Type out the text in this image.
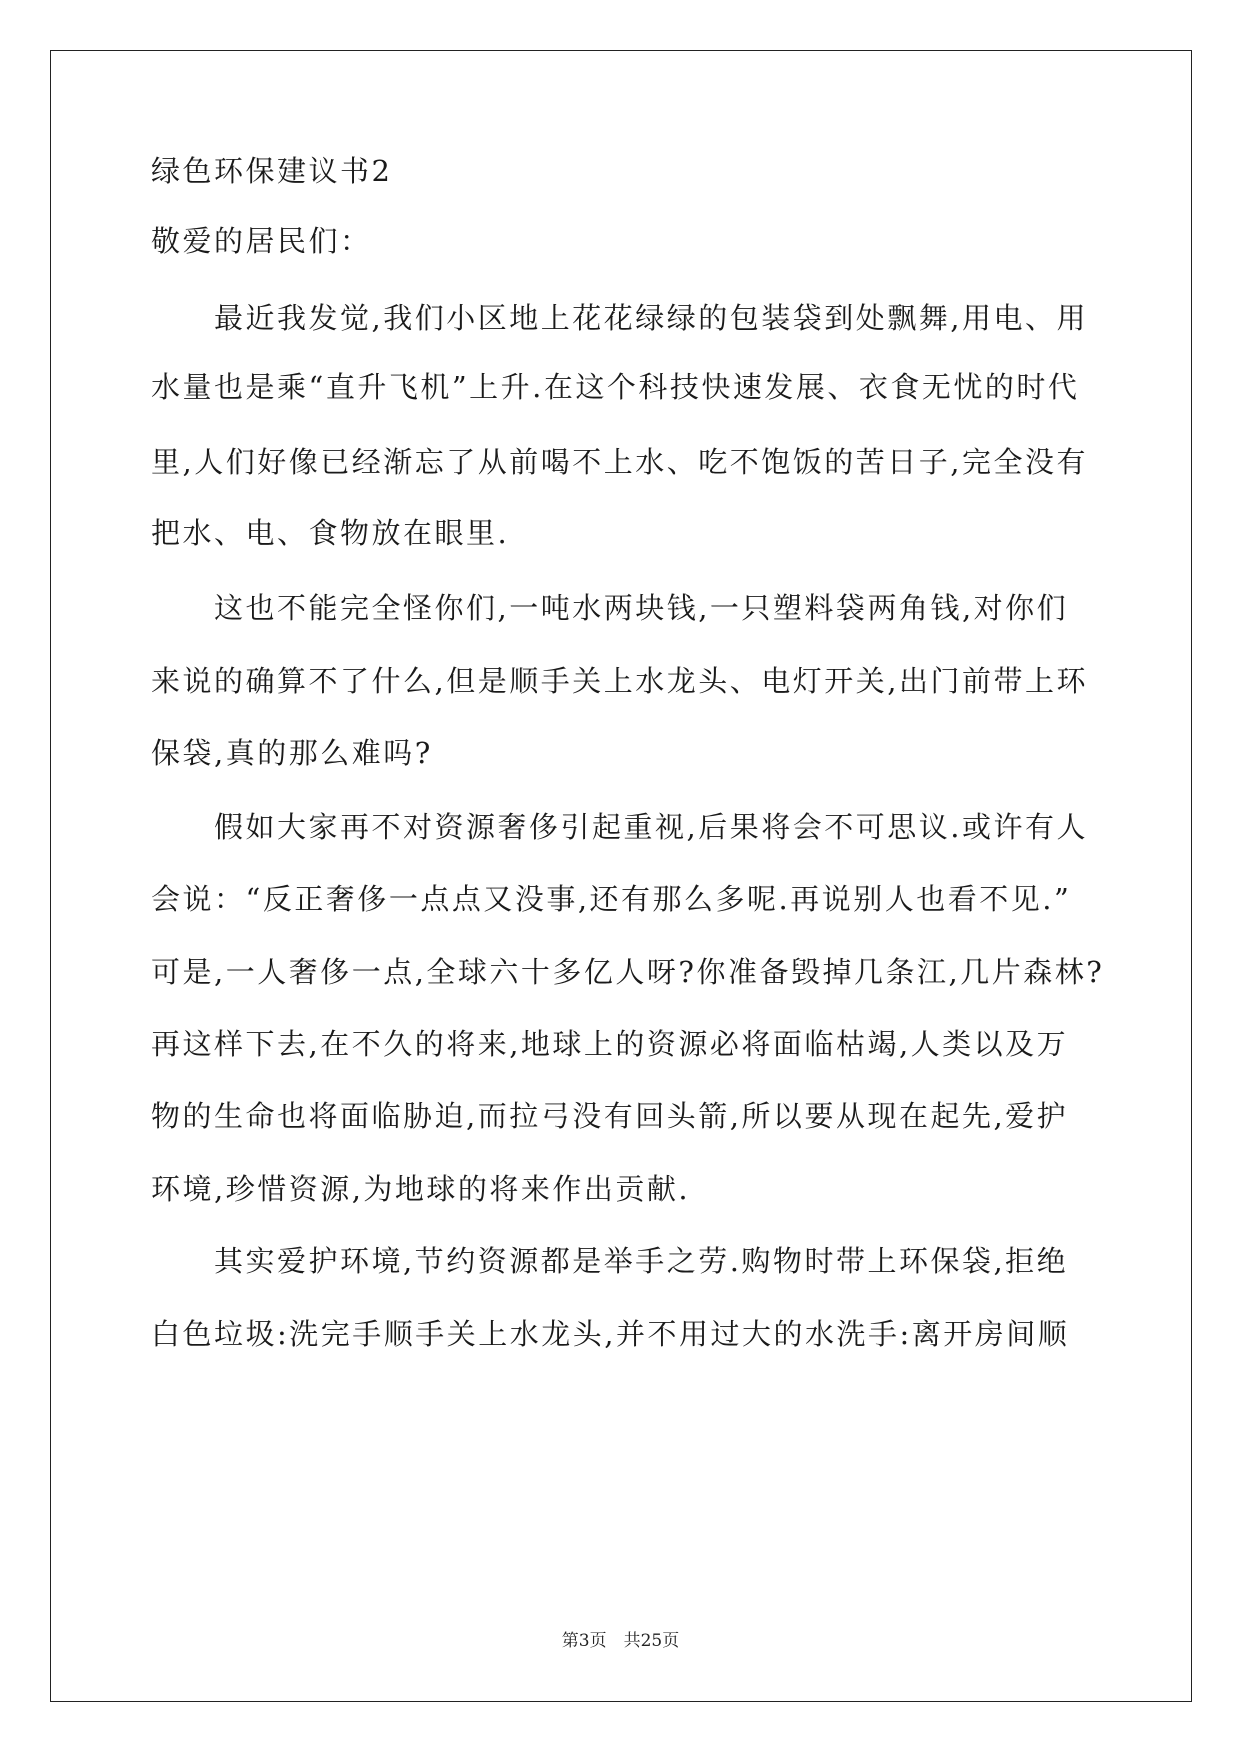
绿色环保建议书2

敬爱的居民们：

　　最近我发觉,我们小区地上花花绿绿的包装袋到处飘舞,用电、用

水量也是乘“直升飞机”上升.在这个科技快速发展、衣食无忧的时代

里,人们好像已经渐忘了从前喝不上水、吃不饱饭的苦日子,完全没有

把水、电、食物放在眼里.

　　这也不能完全怪你们,一吨水两块钱,一只塑料袋两角钱,对你们

来说的确算不了什么,但是顺手关上水龙头、电灯开关,出门前带上环

保袋,真的那么难吗?

　　假如大家再不对资源奢侈引起重视,后果将会不可思议.或许有人

会说：“反正奢侈一点点又没事,还有那么多呢.再说别人也看不见.”

可是,一人奢侈一点,全球六十多亿人呀?你准备毁掉几条江,几片森林?

再这样下去,在不久的将来,地球上的资源必将面临枯竭,人类以及万

物的生命也将面临胁迫,而拉弓没有回头箭,所以要从现在起先,爱护

环境,珍惜资源,为地球的将来作出贡献.

　　其实爱护环境,节约资源都是举手之劳.购物时带上环保袋,拒绝

白色垃圾:洗完手顺手关上水龙头,并不用过大的水洗手:离开房间顺

第3页　共25页
